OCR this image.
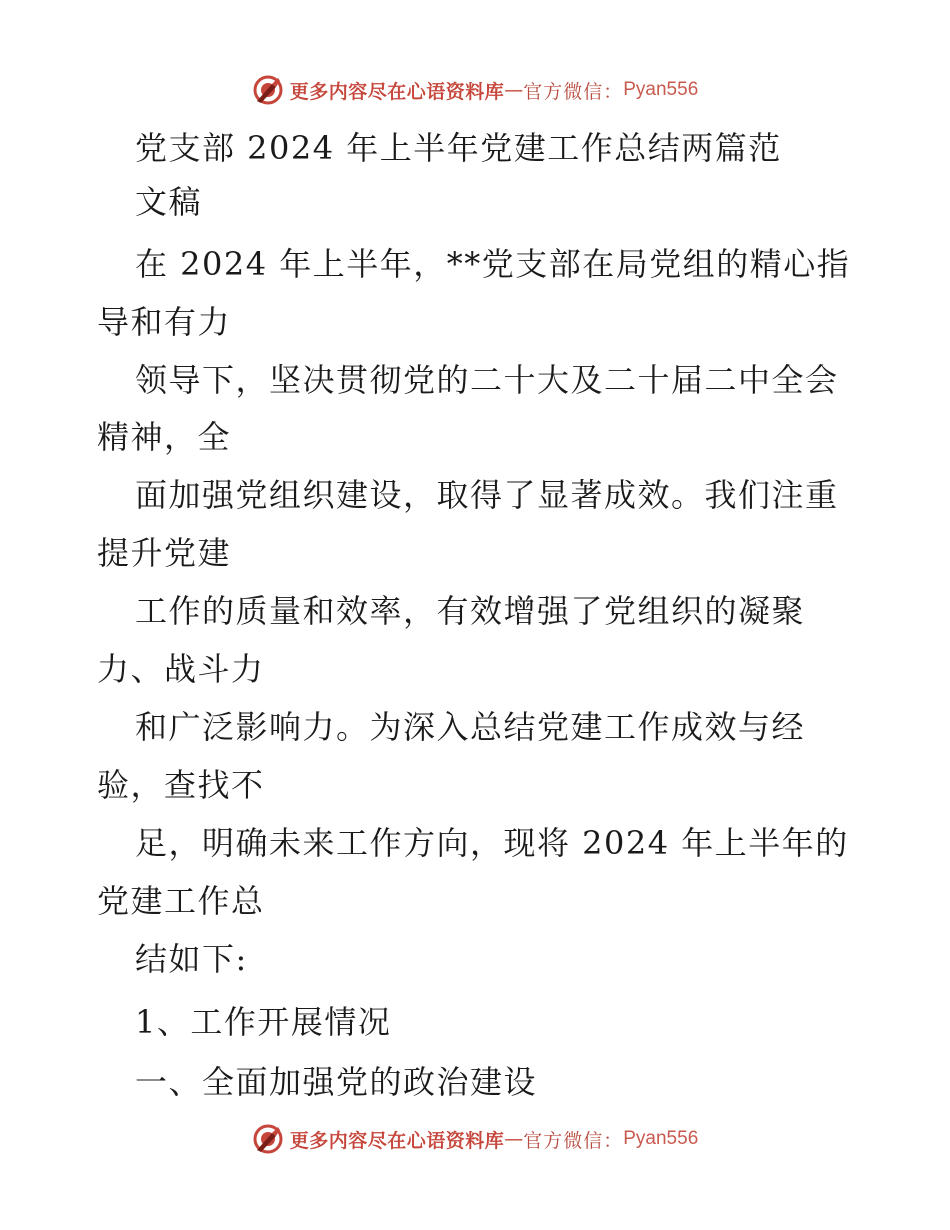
更多内容尽在心语资料库 — 官方微信： Pyan556
党支部 2024 年上半年党建工作总结两篇范
文稿
在 2024 年上半年，**党支部在局党组的精心指
导和有力
领导下，坚决贯彻党的二十大及二十届二中全会
精神，全
面加强党组织建设，取得了显著成效。我们注重
提升党建
工作的质量和效率，有效增强了党组织的凝聚
力、战斗力
和广泛影响力。为深入总结党建工作成效与经
验，查找不
足，明确未来工作方向，现将 2024 年上半年的
党建工作总
结如下:
1、工作开展情况
一、全面加强党的政治建设
更多内容尽在心语资料库 — 官方微信： Pyan556
